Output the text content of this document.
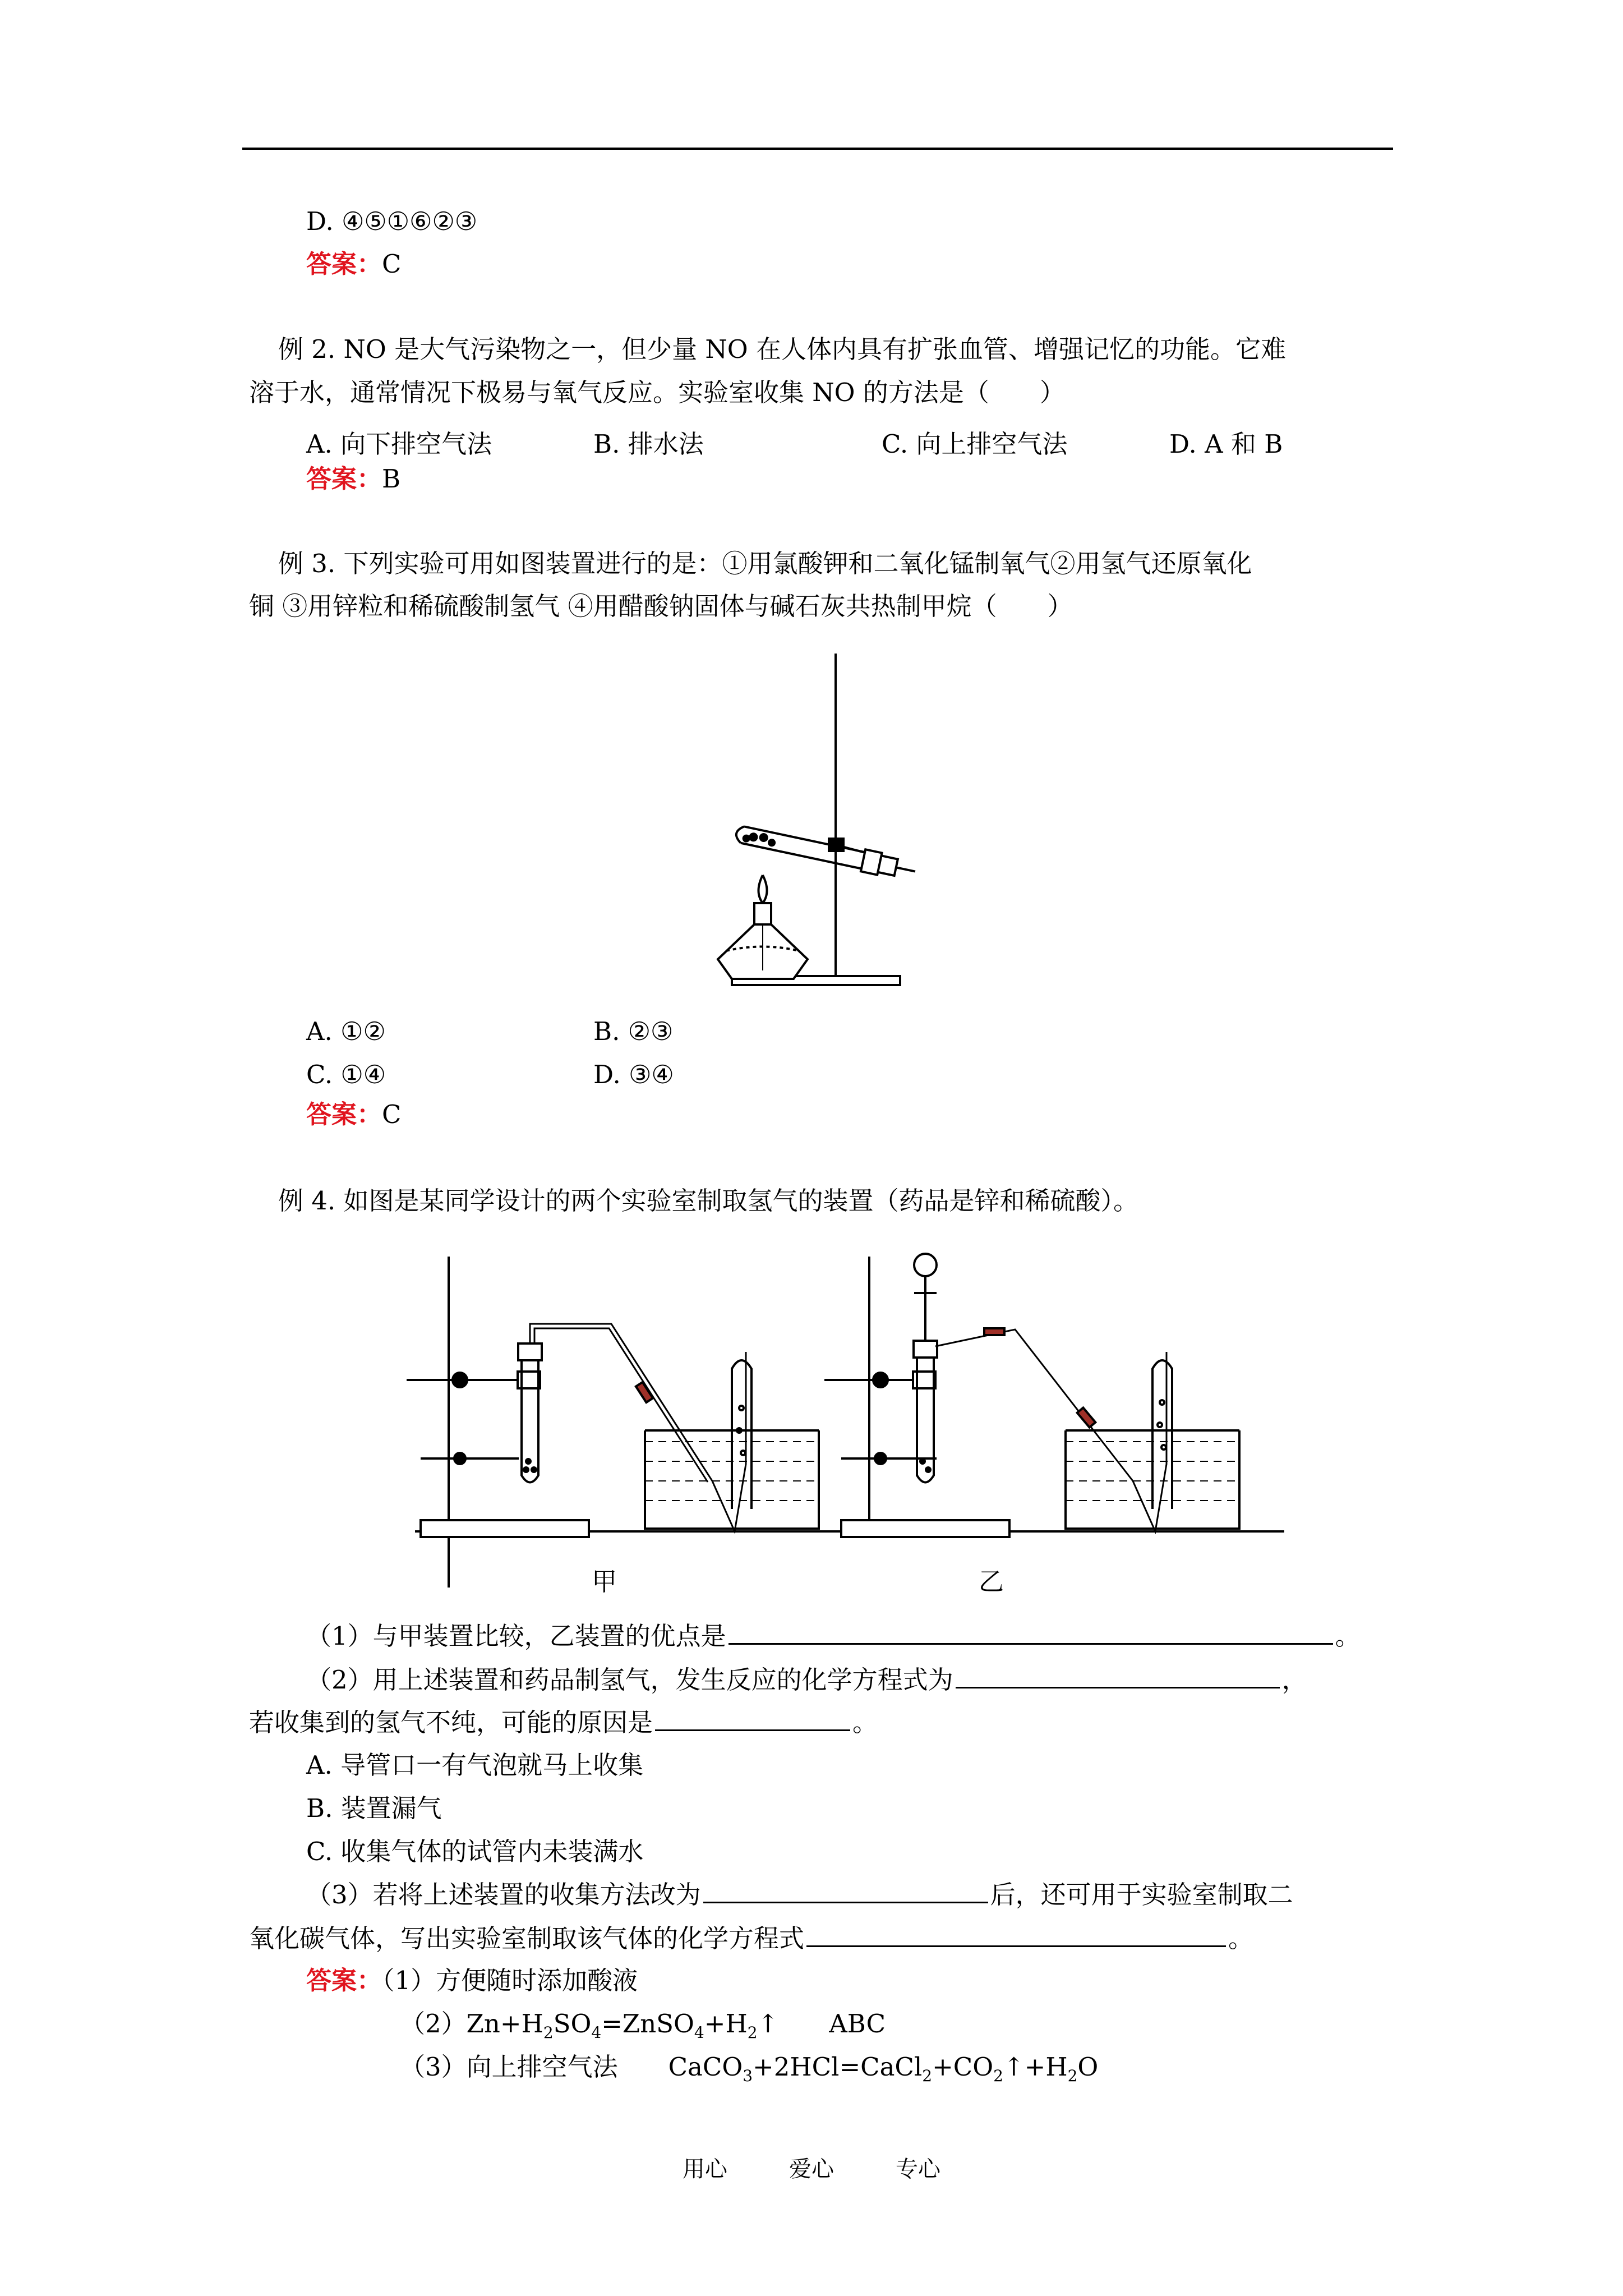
D. ④⑤①⑥②③
答案：C
例 2. NO 是大气污染物之一，但少量 NO 在人体内具有扩张血管、增强记忆的功能。它难
溶于水，通常情况下极易与氧气反应。实验室收集 NO 的方法是（　　）
A. 向下排空气法	B. 排水法	C. 向上排空气法	D. A 和 B
答案：B
例 3. 下列实验可用如图装置进行的是：①用氯酸钾和二氧化锰制氧气②用氢气还原氧化
铜 ③用锌粒和稀硫酸制氢气 ④用醋酸钠固体与碱石灰共热制甲烷（　　）
A. ①②	B. ②③
C. ①④	D. ③④
答案：C
例 4. 如图是某同学设计的两个实验室制取氢气的装置（药品是锌和稀硫酸）。
甲	乙
（1）与甲装置比较，乙装置的优点是	。
（2）用上述装置和药品制氢气，发生反应的化学方程式为	，
若收集到的氢气不纯，可能的原因是	。
A. 导管口一有气泡就马上收集
B. 装置漏气
C. 收集气体的试管内未装满水
（3）若将上述装置的收集方法改为	后，还可用于实验室制取二
氧化碳气体，写出实验室制取该气体的化学方程式	。
答案：（1）方便随时添加酸液
$(2)Zn+H_2SO_4=ZnSO_4+H_2↑$　　ABC
（3）向上排空气法　　$CaCO_3+2HCl=CaCl_2+CO_2↑+H_2O$
用心	爱心	专心
